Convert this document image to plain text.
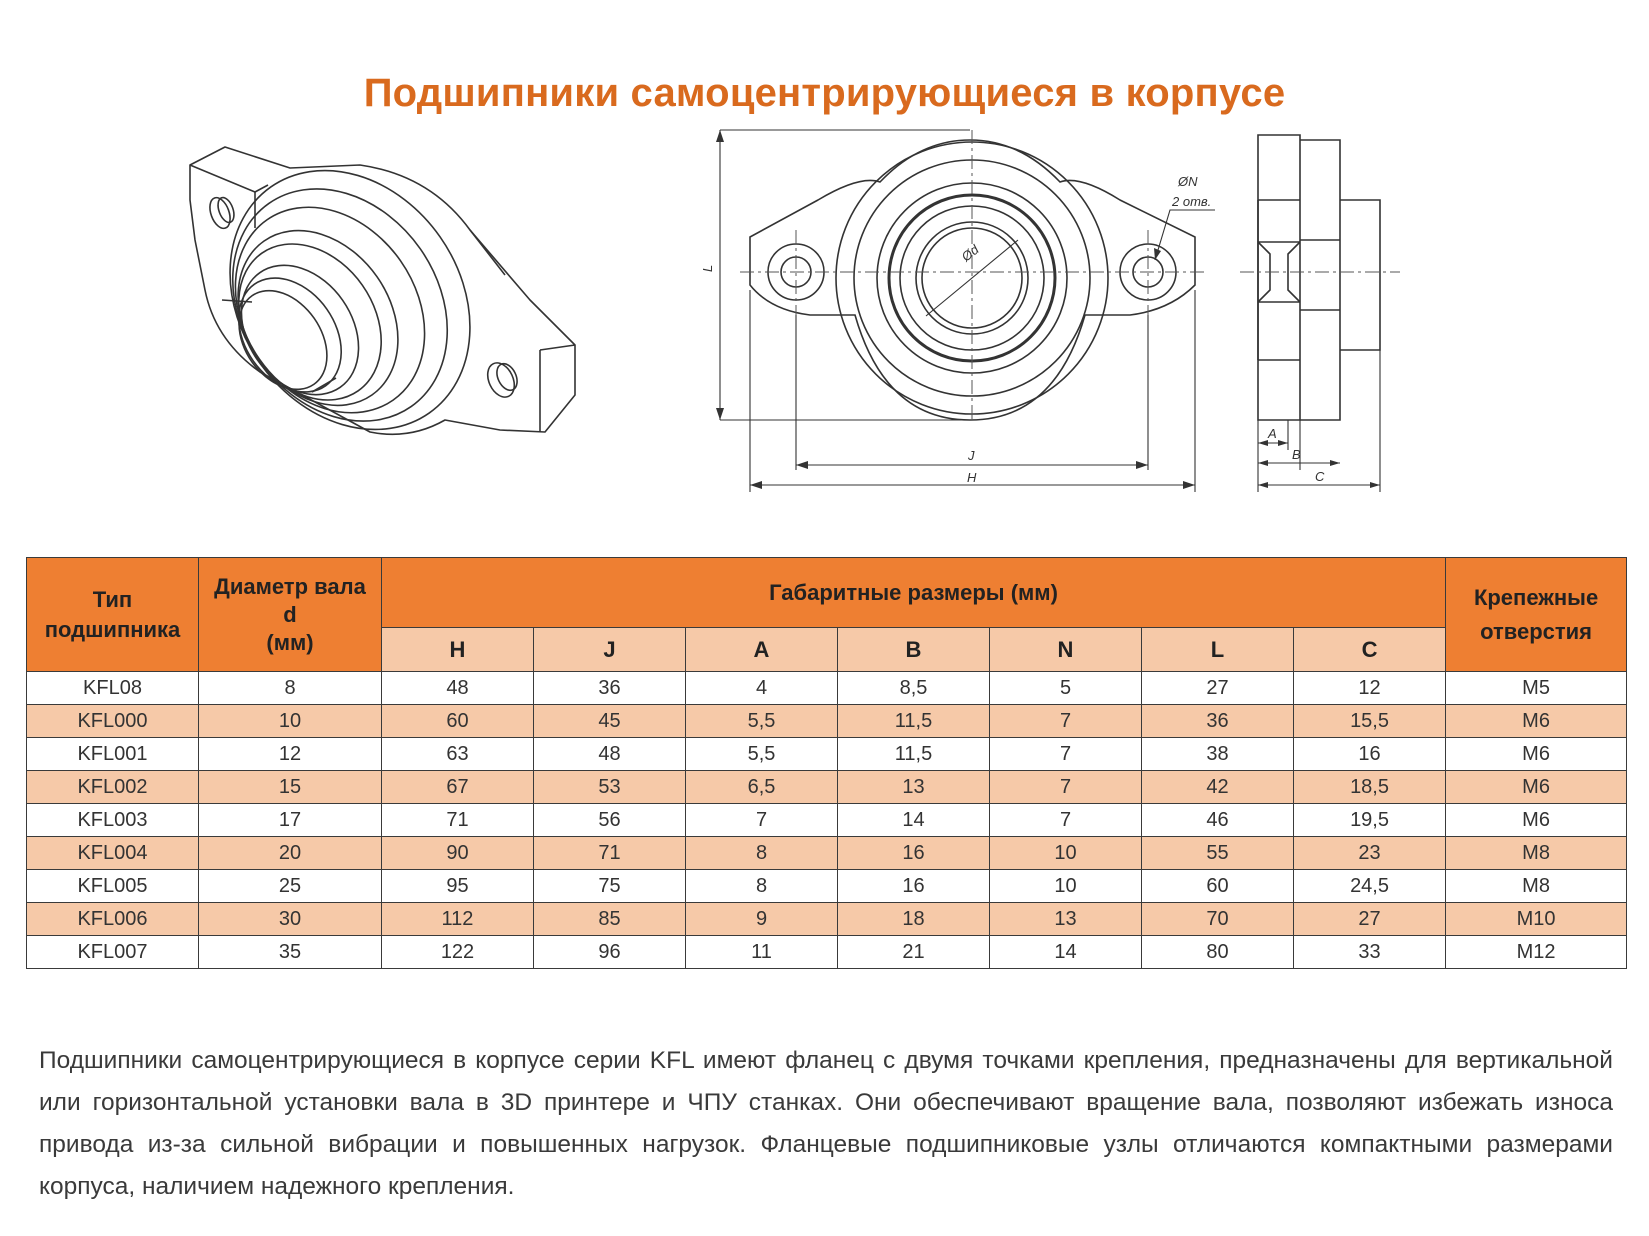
Подшипники самоцентрирующиеся в корпусе
ØN
2 отв.
Ød
L
J
H
A
B
C
Тип подшипника	Диаметр вала
d
(мм)	Габаритные размеры (мм)							Крепежные отверстия
		H	J	A	B	N	L	C	
KFL08	8	48	36	4	8,5	5	27	12	M5
KFL000	10	60	45	5,5	11,5	7	36	15,5	M6
KFL001	12	63	48	5,5	11,5	7	38	16	M6
KFL002	15	67	53	6,5	13	7	42	18,5	M6
KFL003	17	71	56	7	14	7	46	19,5	M6
KFL004	20	90	71	8	16	10	55	23	M8
KFL005	25	95	75	8	16	10	60	24,5	M8
KFL006	30	112	85	9	18	13	70	27	M10
KFL007	35	122	96	11	21	14	80	33	M12

Подшипники самоцентрирующиеся в корпусе серии KFL имеют фланец с двумя точками крепления, предназначены для вертикальной или горизонтальной установки вала в 3D принтере и ЧПУ станках. Они обеспечивают вращение вала, позволяют избежать износа привода из-за сильной вибрации и повышенных нагрузок. Фланцевые подшипниковые узлы отличаются компактными размерами корпуса, наличием надежного крепления.
